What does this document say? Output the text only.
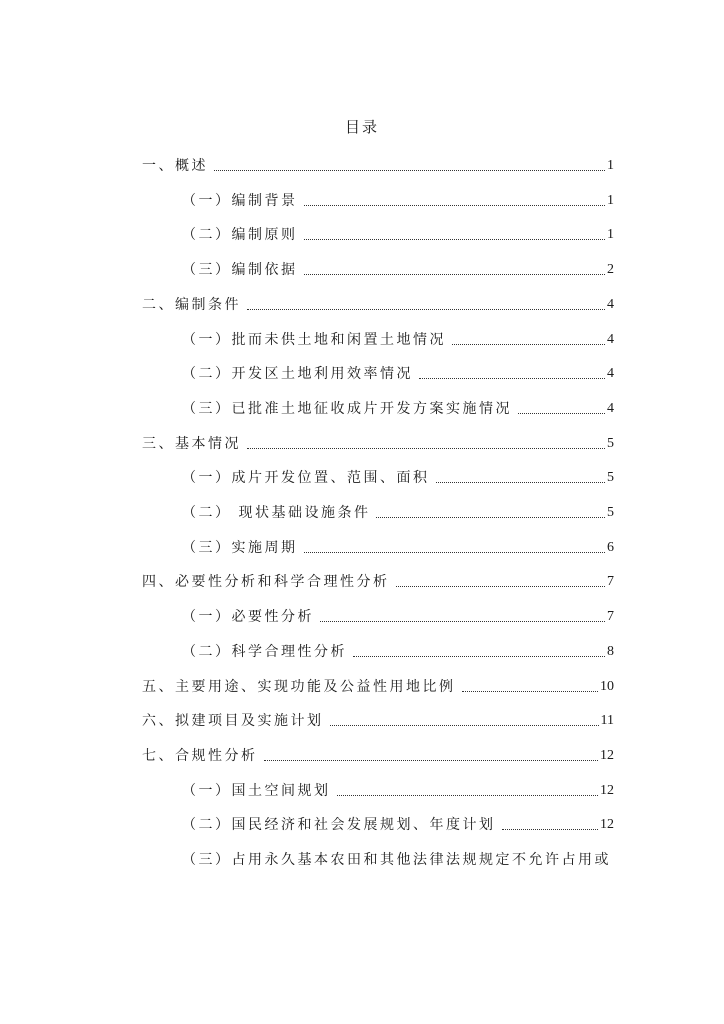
目录
一、概述	1
（一）编制背景	1
（二）编制原则	1
（三）编制依据	2
二、编制条件	4
（一）批而未供土地和闲置土地情况	4
（二）开发区土地利用效率情况	4
（三）已批准土地征收成片开发方案实施情况	4
三、基本情况	5
（一）成片开发位置、范围、面积	5
（二） 现状基础设施条件	5
（三）实施周期	6
四、必要性分析和科学合理性分析	7
（一）必要性分析	7
（二）科学合理性分析	8
五、主要用途、实现功能及公益性用地比例	10
六、拟建项目及实施计划	11
七、合规性分析	12
（一）国土空间规划	12
（二）国民经济和社会发展规划、年度计划	12
（三）占用永久基本农田和其他法律法规规定不允许占用或
